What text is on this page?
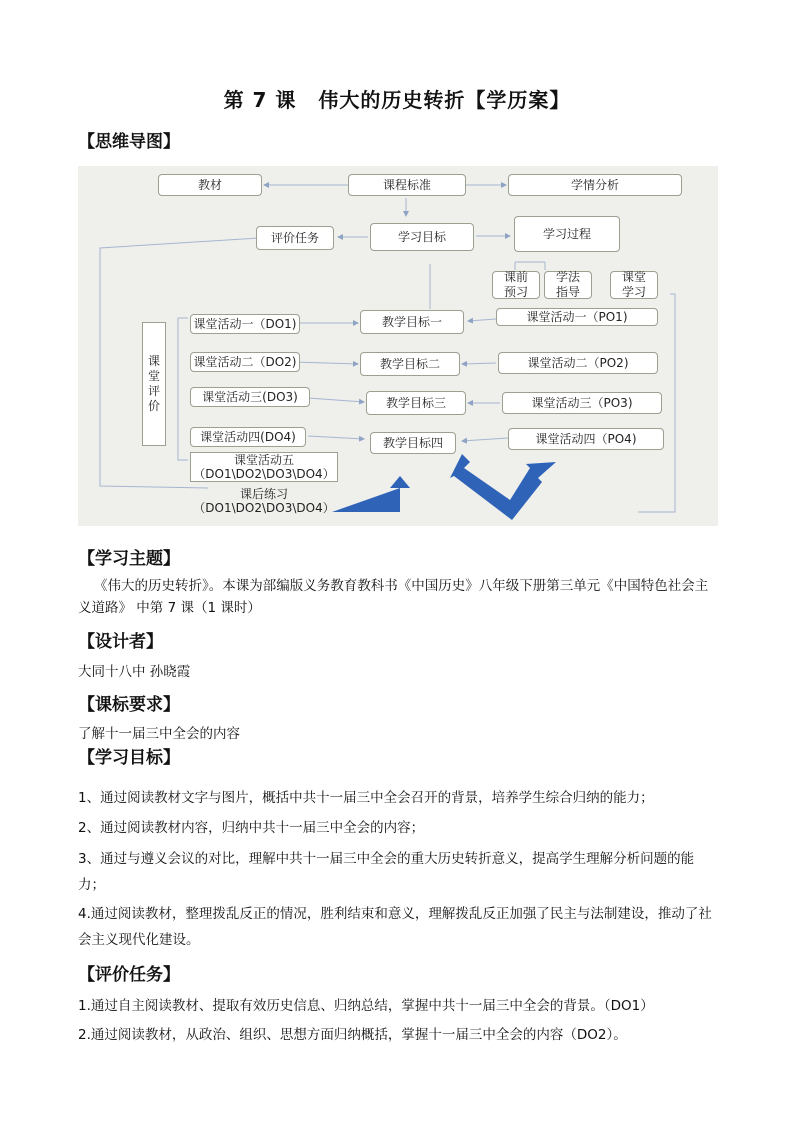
第 7 课 伟大的历史转折【学历案】
【思维导图】
教材	课程标准	学情分析
评价任务	学习目标	学习过程
课前
预习
学法
指导
课堂
学习
课
堂
评
价
课堂活动一（DO1)
课堂活动二（DO2)
课堂活动三(DO3)
课堂活动四(DO4)
课堂活动五
（DO1\DO2\DO3\DO4）
课后练习
（DO1\DO2\DO3\DO4）
教学目标一
教学目标二
教学目标三
教学目标四
课堂活动一（PO1)
课堂活动二（PO2)
课堂活动三（PO3)
课堂活动四（PO4)
【学习主题】
《伟大的历史转折》。本课为部编版义务教育教科书《中国历史》八年级下册第三单元《中国特色社会主义道路》 中第 7 课（1 课时）
【设计者】
大同十八中 孙晓霞
【课标要求】
了解十一届三中全会的内容
【学习目标】
1、通过阅读教材文字与图片，概括中共十一届三中全会召开的背景，培养学生综合归纳的能力；
2、通过阅读教材内容，归纳中共十一届三中全会的内容；
3、通过与遵义会议的对比，理解中共十一届三中全会的重大历史转折意义，提高学生理解分析问题的能力；
4.通过阅读教材，整理拨乱反正的情况，胜利结束和意义，理解拨乱反正加强了民主与法制建设，推动了社会主义现代化建设。
【评价任务】
1.通过自主阅读教材、提取有效历史信息、归纳总结，掌握中共十一届三中全会的背景。（DO1）
2.通过阅读教材，从政治、组织、思想方面归纳概括，掌握十一届三中全会的内容（DO2）。
